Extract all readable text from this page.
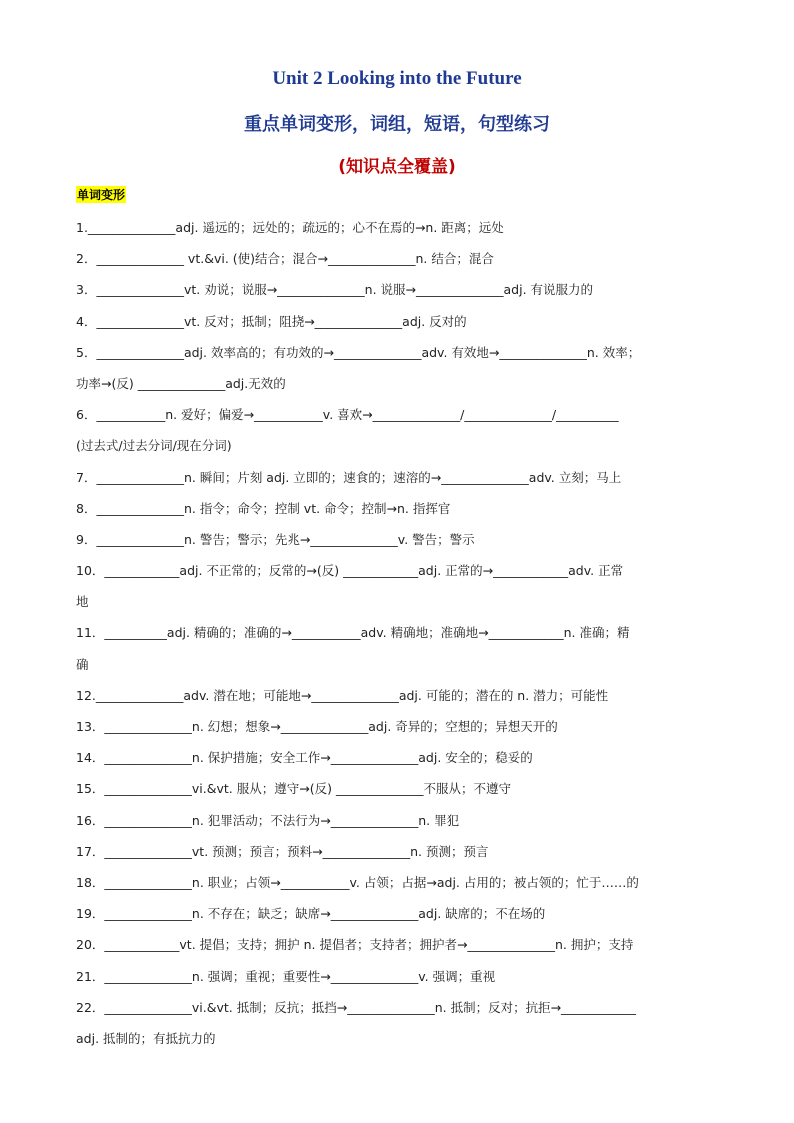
Unit 2 Looking into the Future
重点单词变形，词组，短语，句型练习
(知识点全覆盖)
单词变形
1.______________adj. 遥远的；远处的；疏远的；心不在焉的→n. 距离；远处
2．______________ vt.&vi. (使)结合；混合→______________n. 结合；混合
3．______________vt. 劝说；说服→______________n. 说服→______________adj. 有说服力的
4．______________vt. 反对；抵制；阻挠→______________adj. 反对的
5．______________adj. 效率高的；有功效的→______________adv. 有效地→______________n. 效率；
功率→(反) ______________adj.无效的
6．___________n. 爱好；偏爱→___________v. 喜欢→______________/______________/__________
(过去式/过去分词/现在分词)
7．______________n. 瞬间；片刻 adj. 立即的；速食的；速溶的→______________adv. 立刻；马上
8．______________n. 指令；命令；控制 vt. 命令；控制→n. 指挥官
9．______________n. 警告；警示；先兆→______________v. 警告；警示
10．____________adj. 不正常的；反常的→(反) ____________adj. 正常的→____________adv. 正常
地
11．__________adj. 精确的；准确的→___________adv. 精确地；准确地→____________n. 准确；精
确
12.______________adv. 潜在地；可能地→______________adj. 可能的；潜在的 n. 潜力；可能性
13．______________n. 幻想；想象→______________adj. 奇异的；空想的；异想天开的
14．______________n. 保护措施；安全工作→______________adj. 安全的；稳妥的
15．______________vi.&vt. 服从；遵守→(反) ______________不服从；不遵守
16．______________n. 犯罪活动；不法行为→______________n. 罪犯
17．______________vt. 预测；预言；预料→______________n. 预测；预言
18．______________n. 职业；占领→___________v. 占领；占据→adj. 占用的；被占领的；忙于……的
19．______________n. 不存在；缺乏；缺席→______________adj. 缺席的；不在场的
20．____________vt. 提倡；支持；拥护 n. 提倡者；支持者；拥护者→______________n. 拥护；支持
21．______________n. 强调；重视；重要性→______________v. 强调；重视
22．______________vi.&vt. 抵制；反抗；抵挡→______________n. 抵制；反对；抗拒→____________
adj. 抵制的；有抵抗力的
